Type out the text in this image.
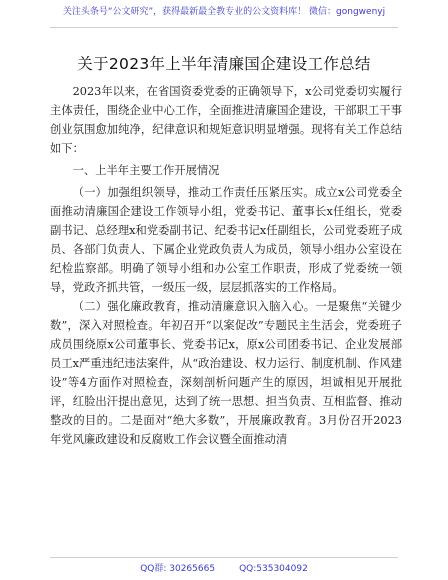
关注头条号“公文研究”，获得最新最全教专业的公文资料库！ 微信：gongwenyj
关于2023年上半年清廉国企建设工作总结

2023年以来，在省国资委党委的正确领导下，x公司党委切实履行主体责任，围绕企业中心工作，全面推进清廉国企建设，干部职工干事创业氛围愈加纯净，纪律意识和规矩意识明显增强。现将有关工作总结如下：

一、上半年主要工作开展情况

（一）加强组织领导，推动工作责任压紧压实。成立x公司党委全面推动清廉国企建设工作领导小组，党委书记、董事长x任组长，党委副书记、总经理x和党委副书记、纪委书记x任副组长，公司党委班子成员、各部门负责人、下属企业党政负责人为成员，领导小组办公室设在纪检监察部。明确了领导小组和办公室工作职责，形成了党委统一领导，党政齐抓共管，一级压一级，层层抓落实的工作格局。

（二）强化廉政教育，推动清廉意识入脑入心。一是聚焦“关键少数”，深入对照检查。年初召开“以案促改”专题民主生活会，党委班子成员围绕原x公司董事长、党委书记x，原x公司团委书记、企业发展部员工x严重违纪违法案件，从“政治建设、权力运行、制度机制、作风建设”等4方面作对照检查，深刻剖析问题产生的原因，坦诚相见开展批评，红脸出汗提出意见，达到了统一思想、担当负责、互相监督、推动整改的目的。二是面对“绝大多数”，开展廉政教育。3月份召开2023年党风廉政建设和反腐败工作会议暨全面推动清

QQ群: 30265665	QQ:535304092
